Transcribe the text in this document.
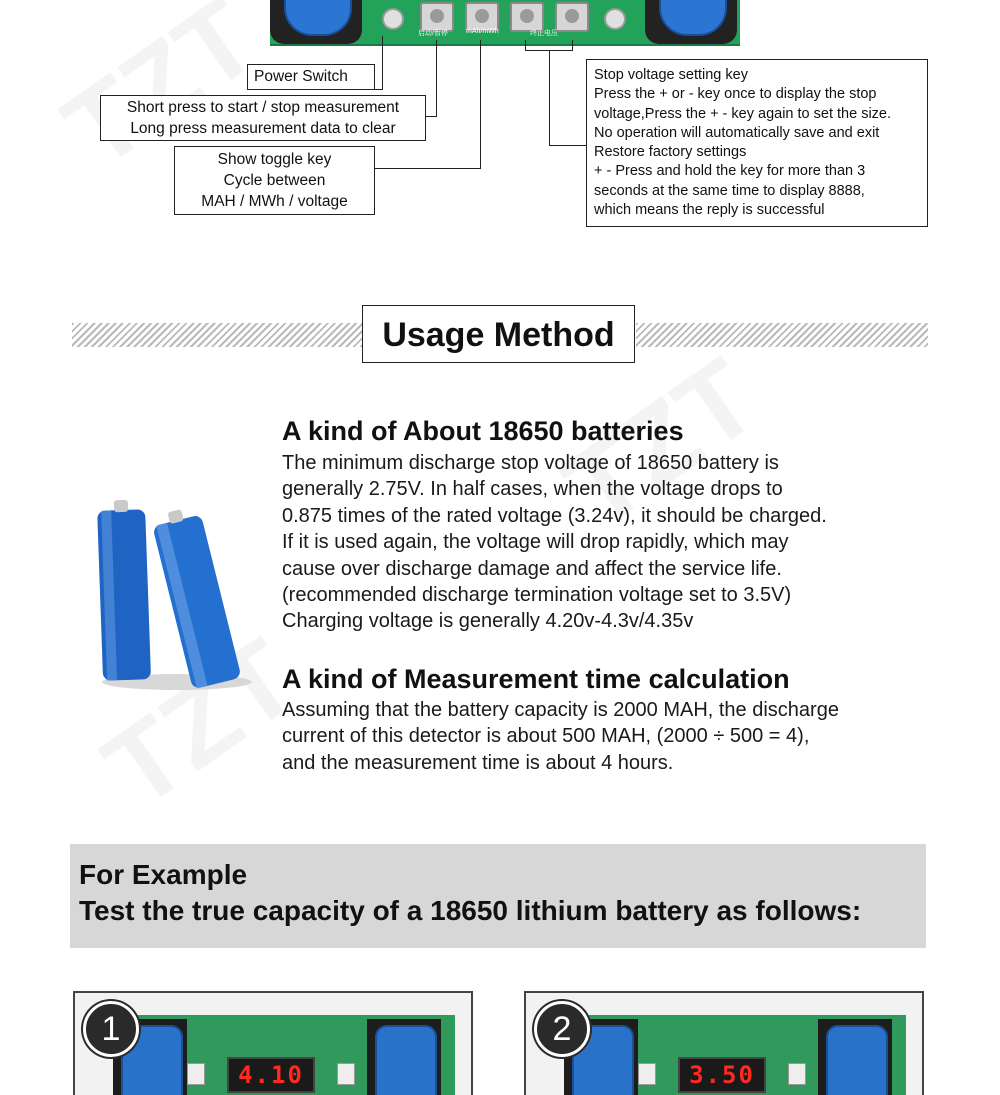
启动/暂停	mAh/mWh	终止电压
Power Switch
Short press to start / stop measurement
Long press measurement data to clear
Show toggle key
Cycle between
MAH / MWh / voltage
Stop voltage setting key
Press the + or - key once to display the stop
voltage,Press the + - key again to set the size.
No operation will automatically save and exit
Restore factory settings
+ - Press and hold the key for more than 3
seconds at the same time to display 8888,
which means the reply is successful
Usage Method
A kind of About 18650 batteries
The minimum discharge stop voltage of 18650 battery is
generally 2.75V. In half cases, when the voltage drops to
0.875 times of the rated voltage (3.24v), it should be charged.
If it is used again, the voltage will drop rapidly, which may
cause over discharge damage and affect the service life.
(recommended discharge termination voltage set to 3.5V)
Charging voltage is generally 4.20v-4.3v/4.35v
A kind of Measurement time calculation
Assuming that the battery capacity is 2000 MAH, the discharge
current of this detector is about 500 MAH, (2000 ÷ 500 = 4),
and the measurement time is about 4 hours.
For Example
Test the true capacity of a 18650 lithium battery as follows:
4.10
1
3.50
2
